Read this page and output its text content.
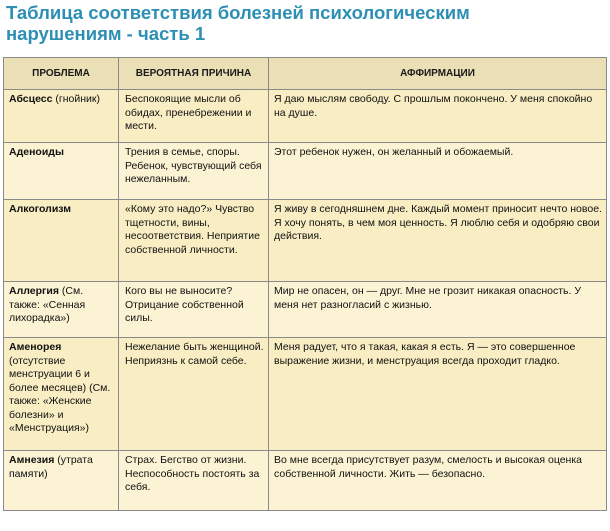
Таблица соответствия болезней психологическим
нарушениям - часть 1
ПРОБЛЕМА	ВЕРОЯТНАЯ ПРИЧИНА	АФФИРМАЦИИ
Абсцесс (гнойник)	Беспокоящие мысли об обидах, пренебрежении и мести.	Я даю мыслям свободу. С прошлым покончено. У меня спокойно на душе.
Аденоиды	Трения в семье, споры. Ребенок, чувствующий себя нежеланным.	Этот ребенок нужен, он желанный и обожаемый.
Алкоголизм	«Кому это надо?» Чувство тщетности, вины, несоответствия. Неприятие собственной личности.	Я живу в сегодняшнем дне. Каждый момент приносит нечто новое. Я хочу понять, в чем моя ценность. Я люблю себя и одобряю свои действия.
Аллергия (См. также: «Сенная лихорадка»)	Кого вы не выносите? Отрицание собственной силы.	Мир не опасен, он — друг. Мне не грозит никакая опасность. У меня нет разногласий с жизнью.
Аменорея (отсутствие менструации 6 и более месяцев) (См. также: «Женские болезни» и «Менструация»)	Нежелание быть женщиной. Неприязнь к самой себе.	Меня радует, что я такая, какая я есть. Я — это совершенное выражение жизни, и менструация всегда проходит гладко.
Амнезия (утрата памяти)	Страх. Бегство от жизни. Неспособность постоять за себя.	Во мне всегда присутствует разум, смелость и высокая оценка собственной личности. Жить — безопасно.
